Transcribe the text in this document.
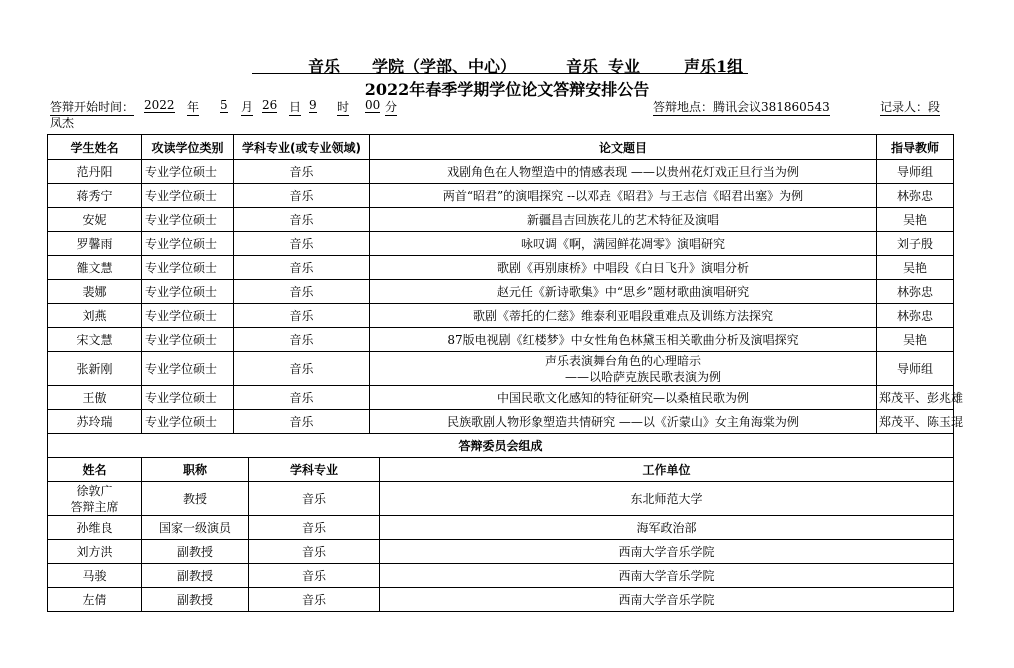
音乐 学院（学部、中心）	音乐 专业	声乐1组
2022年春季学期学位论文答辩安排公告
答辩开始时间： 2022 年 5 月 26 日 9 时 00 分	答辩地点：腾讯会议381860543	记录人：段
凤杰
学生姓名	攻读学位类别	学科专业(或专业领域)	论文题目	指导教师
范丹阳	专业学位硕士	音乐	戏剧角色在人物塑造中的情感表现 ——以贵州花灯戏正旦行当为例	导师组
蒋秀宁	专业学位硕士	音乐	两首“昭君”的演唱探究 --以邓垚《昭君》与王志信《昭君出塞》为例	林弥忠
安妮	专业学位硕士	音乐	新疆昌吉回族花儿的艺术特征及演唱	吴艳
罗馨雨	专业学位硕士	音乐	咏叹调《啊，满园鲜花凋零》演唱研究	刘子殷
雒文慧	专业学位硕士	音乐	歌剧《再别康桥》中唱段《白日飞升》演唱分析	吴艳
裴娜	专业学位硕士	音乐	赵元任《新诗歌集》中“思乡”题材歌曲演唱研究	林弥忠
刘燕	专业学位硕士	音乐	歌剧《蒂托的仁慈》维泰利亚唱段重难点及训练方法探究	林弥忠
宋文慧	专业学位硕士	音乐	87版电视剧《红楼梦》中女性角色林黛玉相关歌曲分析及演唱探究	吴艳
张新刚	专业学位硕士	音乐	声乐表演舞台角色的心理暗示
——以哈萨克族民歌表演为例	导师组
王傲	专业学位硕士	音乐	中国民歌文化感知的特征研究—以桑植民歌为例	郑茂平、彭兆雄
苏玲瑞	专业学位硕士	音乐	民族歌剧人物形象塑造共情研究 ——以《沂蒙山》女主角海棠为例	郑茂平、陈玉琨
答辩委员会组成				
姓名	职称	学科专业	工作单位

徐敦广
答辩主席	教授	音乐	东北师范大学
孙维良	国家一级演员	音乐	海军政治部
刘方洪	副教授	音乐	西南大学音乐学院
马骏	副教授	音乐	西南大学音乐学院
左倩	副教授	音乐	西南大学音乐学院
